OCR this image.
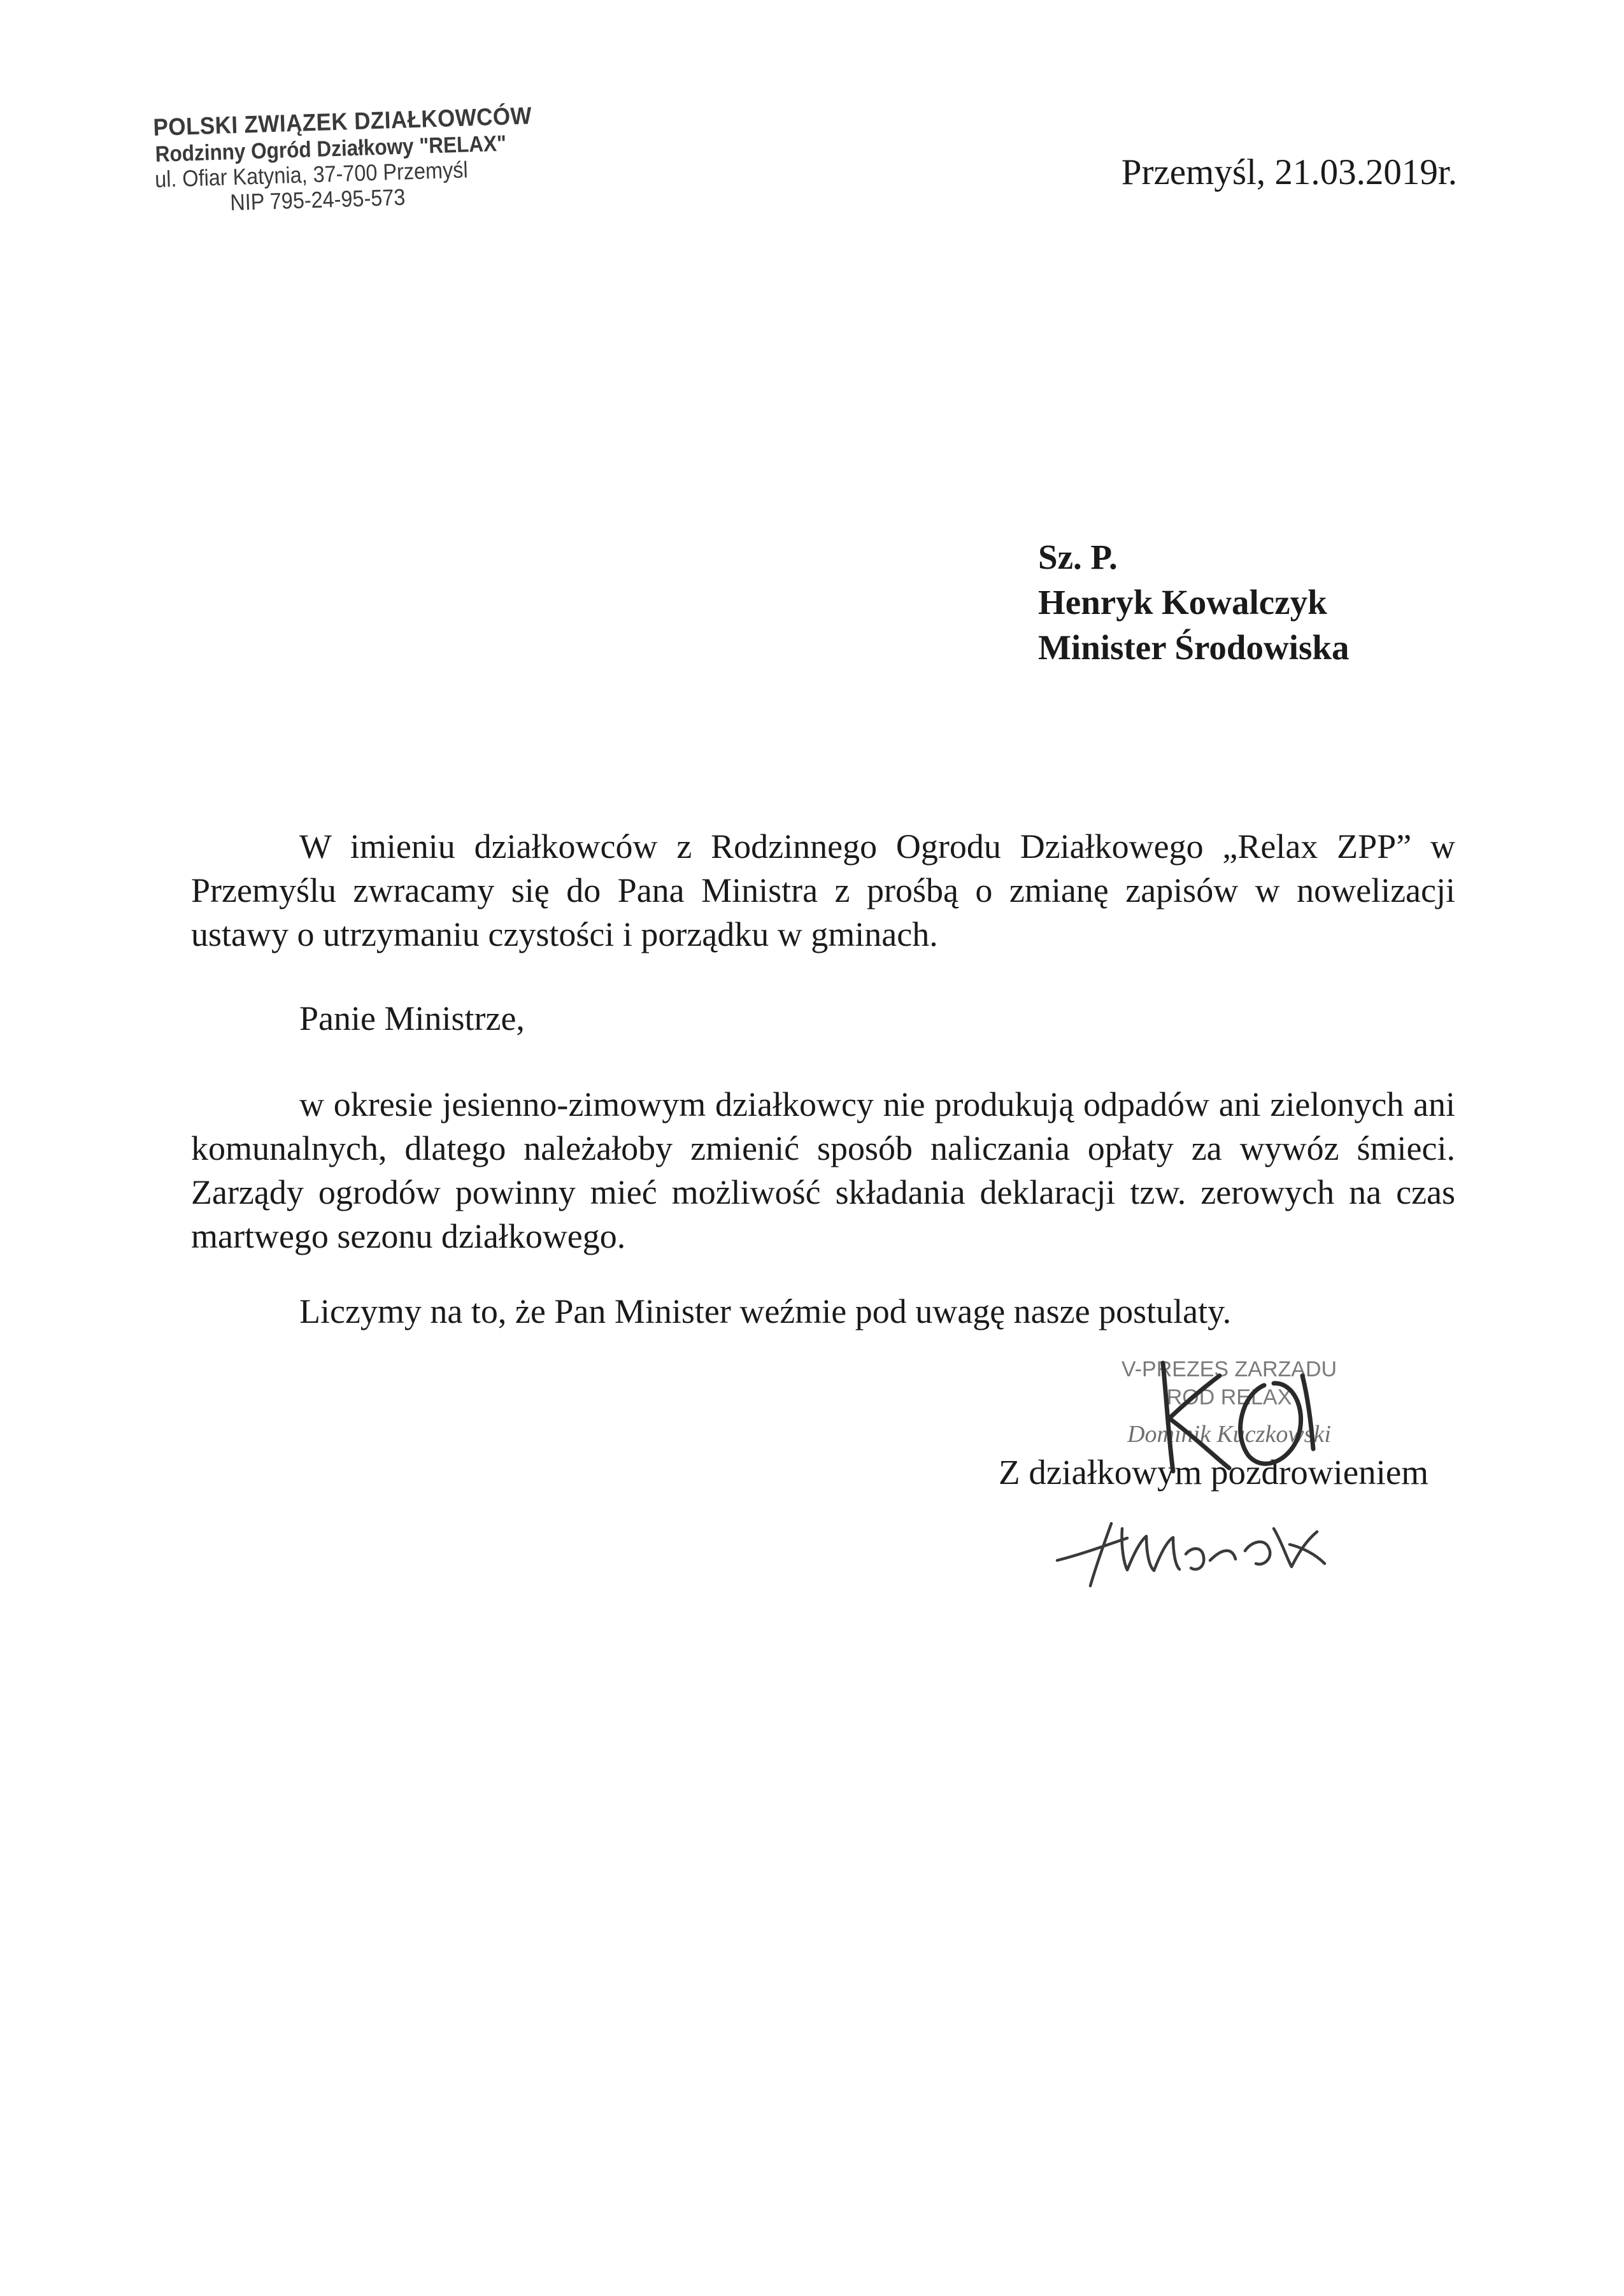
POLSKI ZWIĄZEK DZIAŁKOWCÓW
Rodzinny Ogród Działkowy "RELAX"
ul. Ofiar Katynia, 37-700 Przemyśl
NIP 795-24-95-573
Przemyśl, 21.03.2019r.
Sz. P.
Henryk Kowalczyk
Minister Środowiska

W imieniu działkowców z Rodzinnego Ogrodu Działkowego „Relax ZPP” w Przemyślu zwracamy się do Pana Ministra z prośbą o zmianę zapisów w nowelizacji ustawy o utrzymaniu czystości i porządku w gminach.

Panie Ministrze,

w okresie jesienno-zimowym działkowcy nie produkują odpadów ani zielonych ani komunalnych, dlatego należałoby zmienić sposób naliczania opłaty za wywóz śmieci. Zarządy ogrodów powinny mieć możliwość składania deklaracji tzw. zerowych na czas martwego sezonu działkowego.

Liczymy na to, że Pan Minister weźmie pod uwagę nasze postulaty.

V-PREZES ZARZĄDU
ROD RELAX
Dominik Kuczkowski
Z działkowym pozdrowieniem
